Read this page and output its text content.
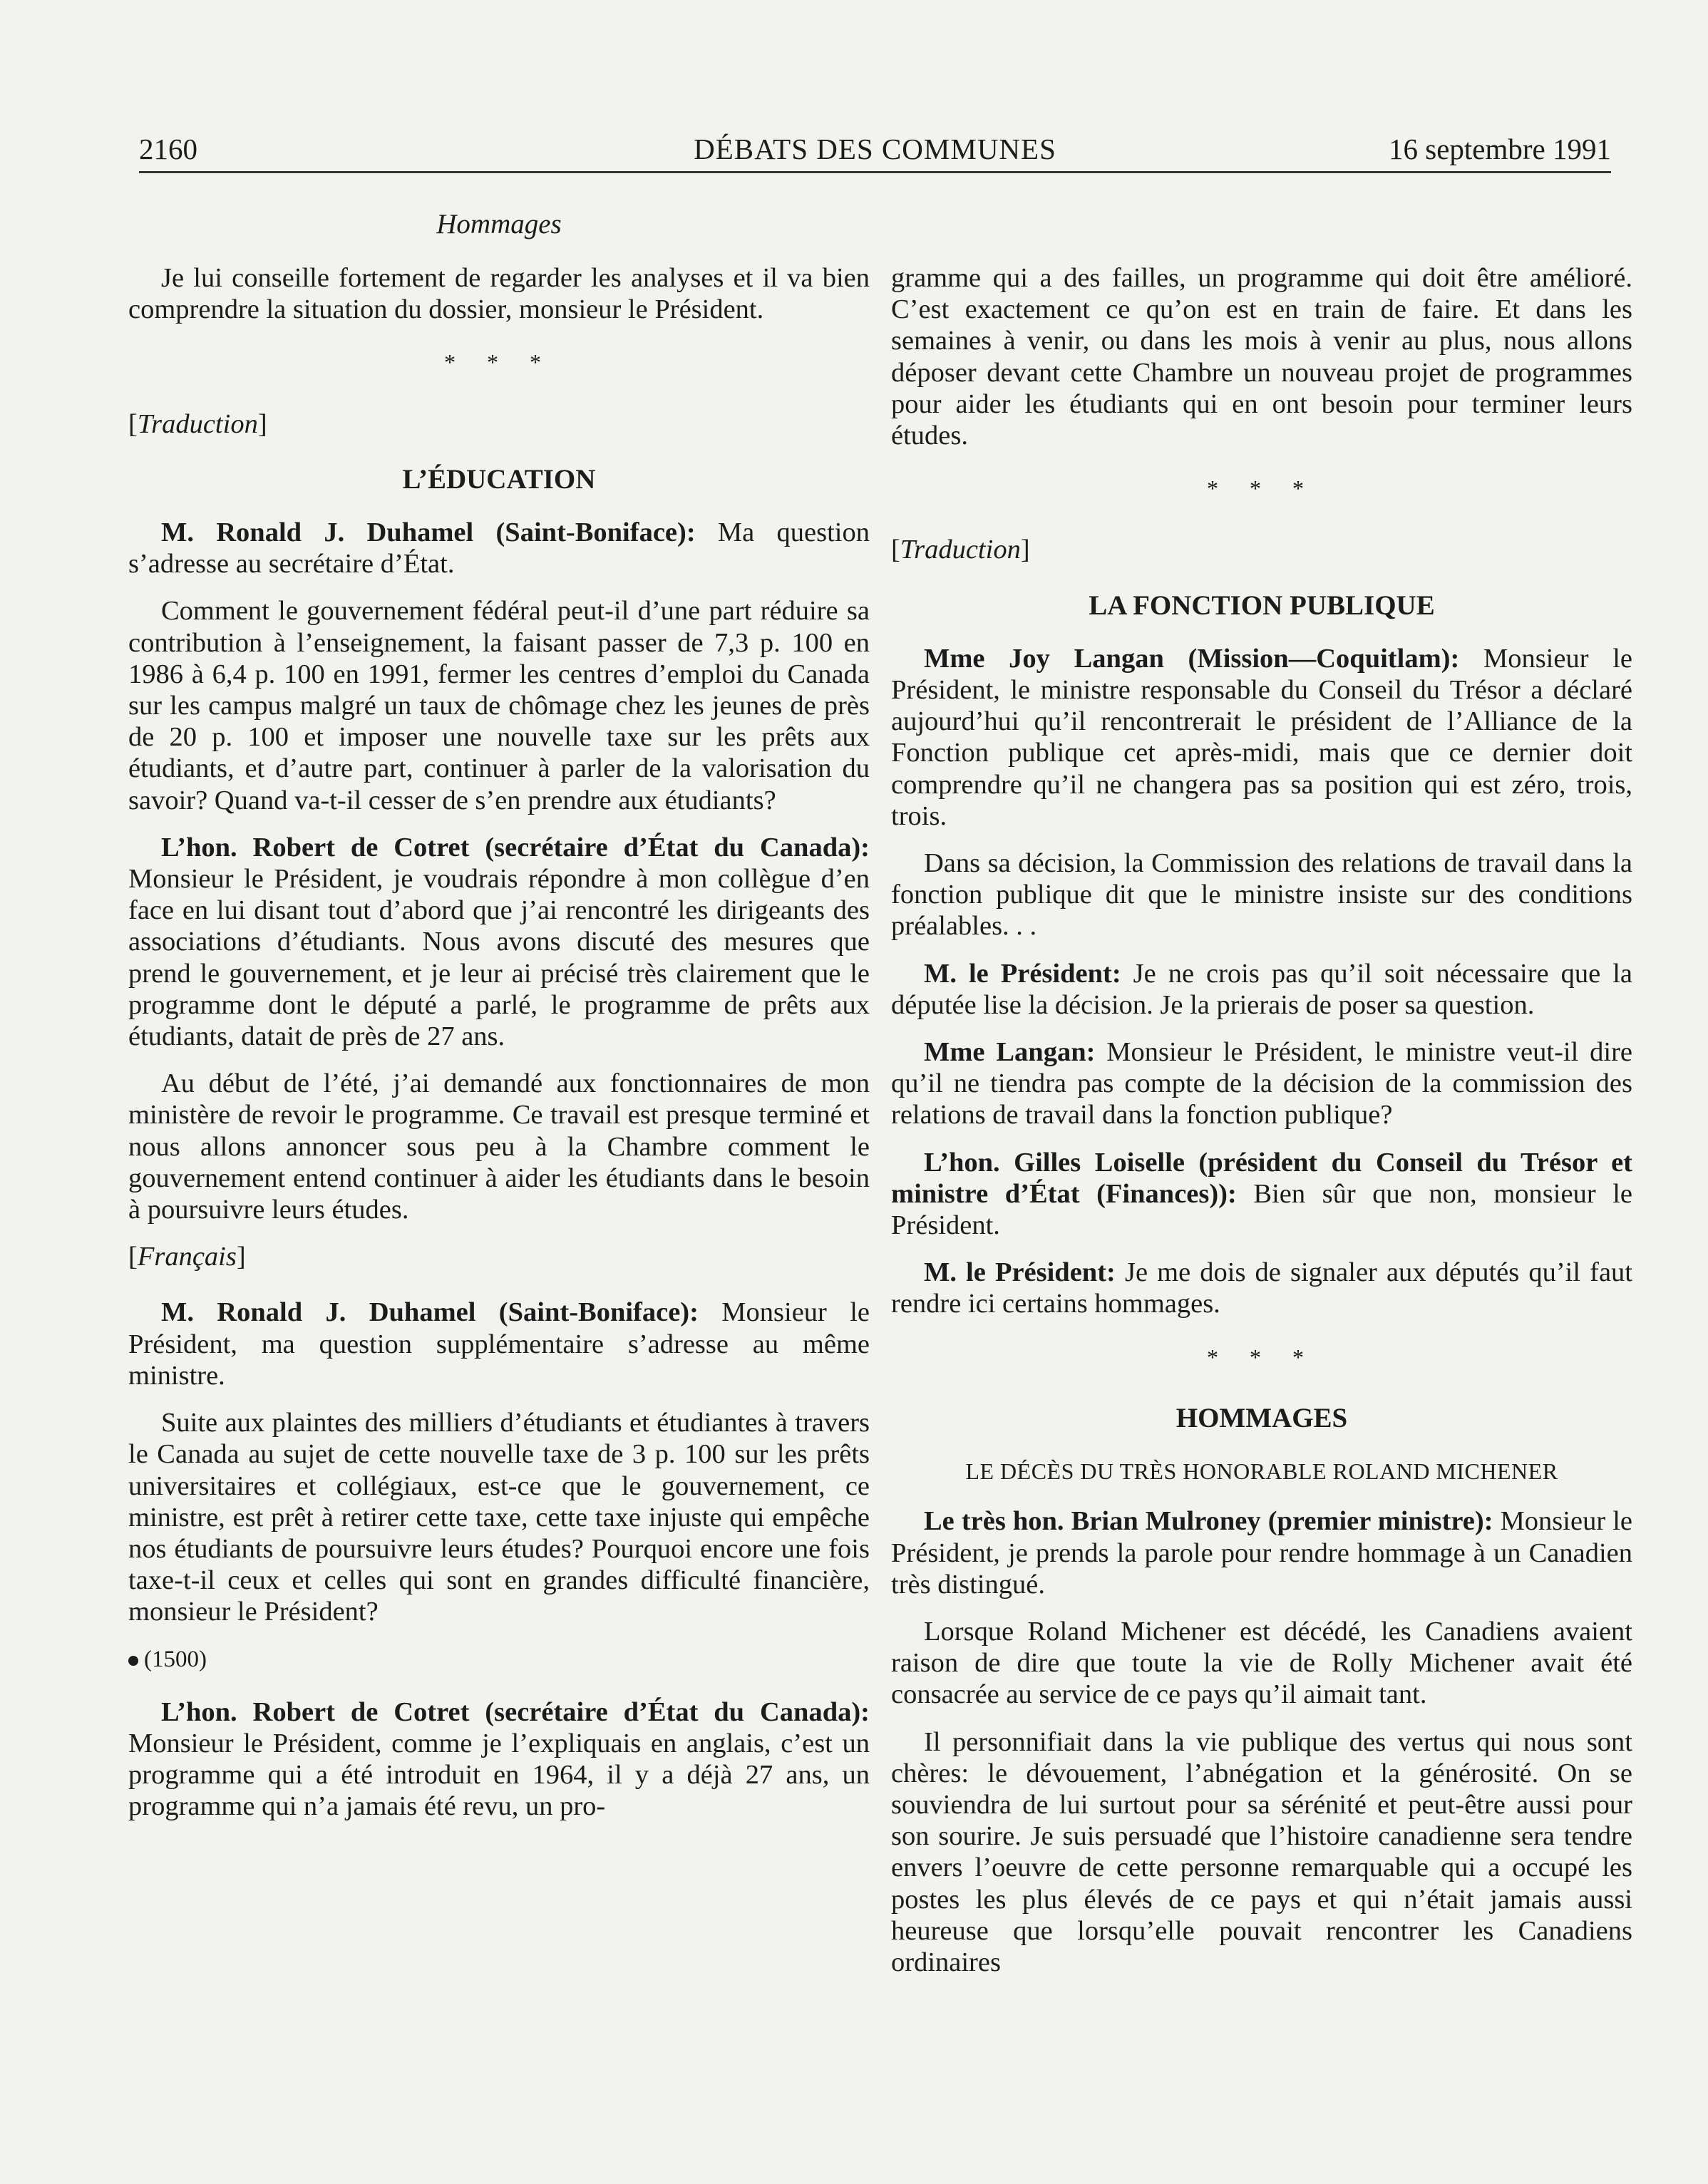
2160	DÉBATS DES COMMUNES	16 septembre 1991
Hommages

Je lui conseille fortement de regarder les analyses et il va bien comprendre la situation du dossier, monsieur le Président.

* * *
[Traduction]
L’ÉDUCATION

M. Ronald J. Duhamel (Saint-Boniface): Ma question s’adresse au secrétaire d’État.

Comment le gouvernement fédéral peut-il d’une part réduire sa contribution à l’enseignement, la faisant passer de 7,3 p. 100 en 1986 à 6,4 p. 100 en 1991, fermer les centres d’emploi du Canada sur les campus malgré un taux de chômage chez les jeunes de près de 20 p. 100 et imposer une nouvelle taxe sur les prêts aux étudiants, et d’autre part, continuer à parler de la valorisation du savoir? Quand va-t-il cesser de s’en prendre aux étudiants?

L’hon. Robert de Cotret (secrétaire d’État du Canada): Monsieur le Président, je voudrais répondre à mon collègue d’en face en lui disant tout d’abord que j’ai rencontré les dirigeants des associations d’étudiants. Nous avons discuté des mesures que prend le gouvernement, et je leur ai précisé très clairement que le programme dont le député a parlé, le programme de prêts aux étudiants, datait de près de 27 ans.

Au début de l’été, j’ai demandé aux fonctionnaires de mon ministère de revoir le programme. Ce travail est presque terminé et nous allons annoncer sous peu à la Chambre comment le gouvernement entend continuer à aider les étudiants dans le besoin à poursuivre leurs études.

[Français]

M. Ronald J. Duhamel (Saint-Boniface): Monsieur le Président, ma question supplémentaire s’adresse au même ministre.

Suite aux plaintes des milliers d’étudiants et étudiantes à travers le Canada au sujet de cette nouvelle taxe de 3 p. 100 sur les prêts universitaires et collégiaux, est-ce que le gouvernement, ce ministre, est prêt à retirer cette taxe, cette taxe injuste qui empêche nos étudiants de poursuivre leurs études? Pourquoi encore une fois taxe-t-il ceux et celles qui sont en grandes difficulté financière, monsieur le Président?

(1500)

L’hon. Robert de Cotret (secrétaire d’État du Canada): Monsieur le Président, comme je l’expliquais en anglais, c’est un programme qui a été introduit en 1964, il y a déjà 27 ans, un programme qui n’a jamais été revu, un pro-

gramme qui a des failles, un programme qui doit être amélioré. C’est exactement ce qu’on est en train de faire. Et dans les semaines à venir, ou dans les mois à venir au plus, nous allons déposer devant cette Chambre un nouveau projet de programmes pour aider les étudiants qui en ont besoin pour terminer leurs études.

* * *
[Traduction]
LA FONCTION PUBLIQUE

Mme Joy Langan (Mission—Coquitlam): Monsieur le Président, le ministre responsable du Conseil du Trésor a déclaré aujourd’hui qu’il rencontrerait le président de l’Alliance de la Fonction publique cet après-midi, mais que ce dernier doit comprendre qu’il ne changera pas sa position qui est zéro, trois, trois.

Dans sa décision, la Commission des relations de travail dans la fonction publique dit que le ministre insiste sur des conditions préalables. . .

M. le Président: Je ne crois pas qu’il soit nécessaire que la députée lise la décision. Je la prierais de poser sa question.

Mme Langan: Monsieur le Président, le ministre veut-il dire qu’il ne tiendra pas compte de la décision de la commission des relations de travail dans la fonction publique?

L’hon. Gilles Loiselle (président du Conseil du Trésor et ministre d’État (Finances)): Bien sûr que non, monsieur le Président.

M. le Président: Je me dois de signaler aux députés qu’il faut rendre ici certains hommages.

* * *
HOMMAGES
LE DÉCÈS DU TRÈS HONORABLE ROLAND MICHENER

Le très hon. Brian Mulroney (premier ministre): Monsieur le Président, je prends la parole pour rendre hommage à un Canadien très distingué.

Lorsque Roland Michener est décédé, les Canadiens avaient raison de dire que toute la vie de Rolly Michener avait été consacrée au service de ce pays qu’il aimait tant.

Il personnifiait dans la vie publique des vertus qui nous sont chères: le dévouement, l’abnégation et la générosité. On se souviendra de lui surtout pour sa sérénité et peut-être aussi pour son sourire. Je suis persuadé que l’histoire canadienne sera tendre envers l’oeuvre de cette personne remarquable qui a occupé les postes les plus élevés de ce pays et qui n’était jamais aussi heureuse que lorsqu’elle pouvait rencontrer les Canadiens ordinaires
